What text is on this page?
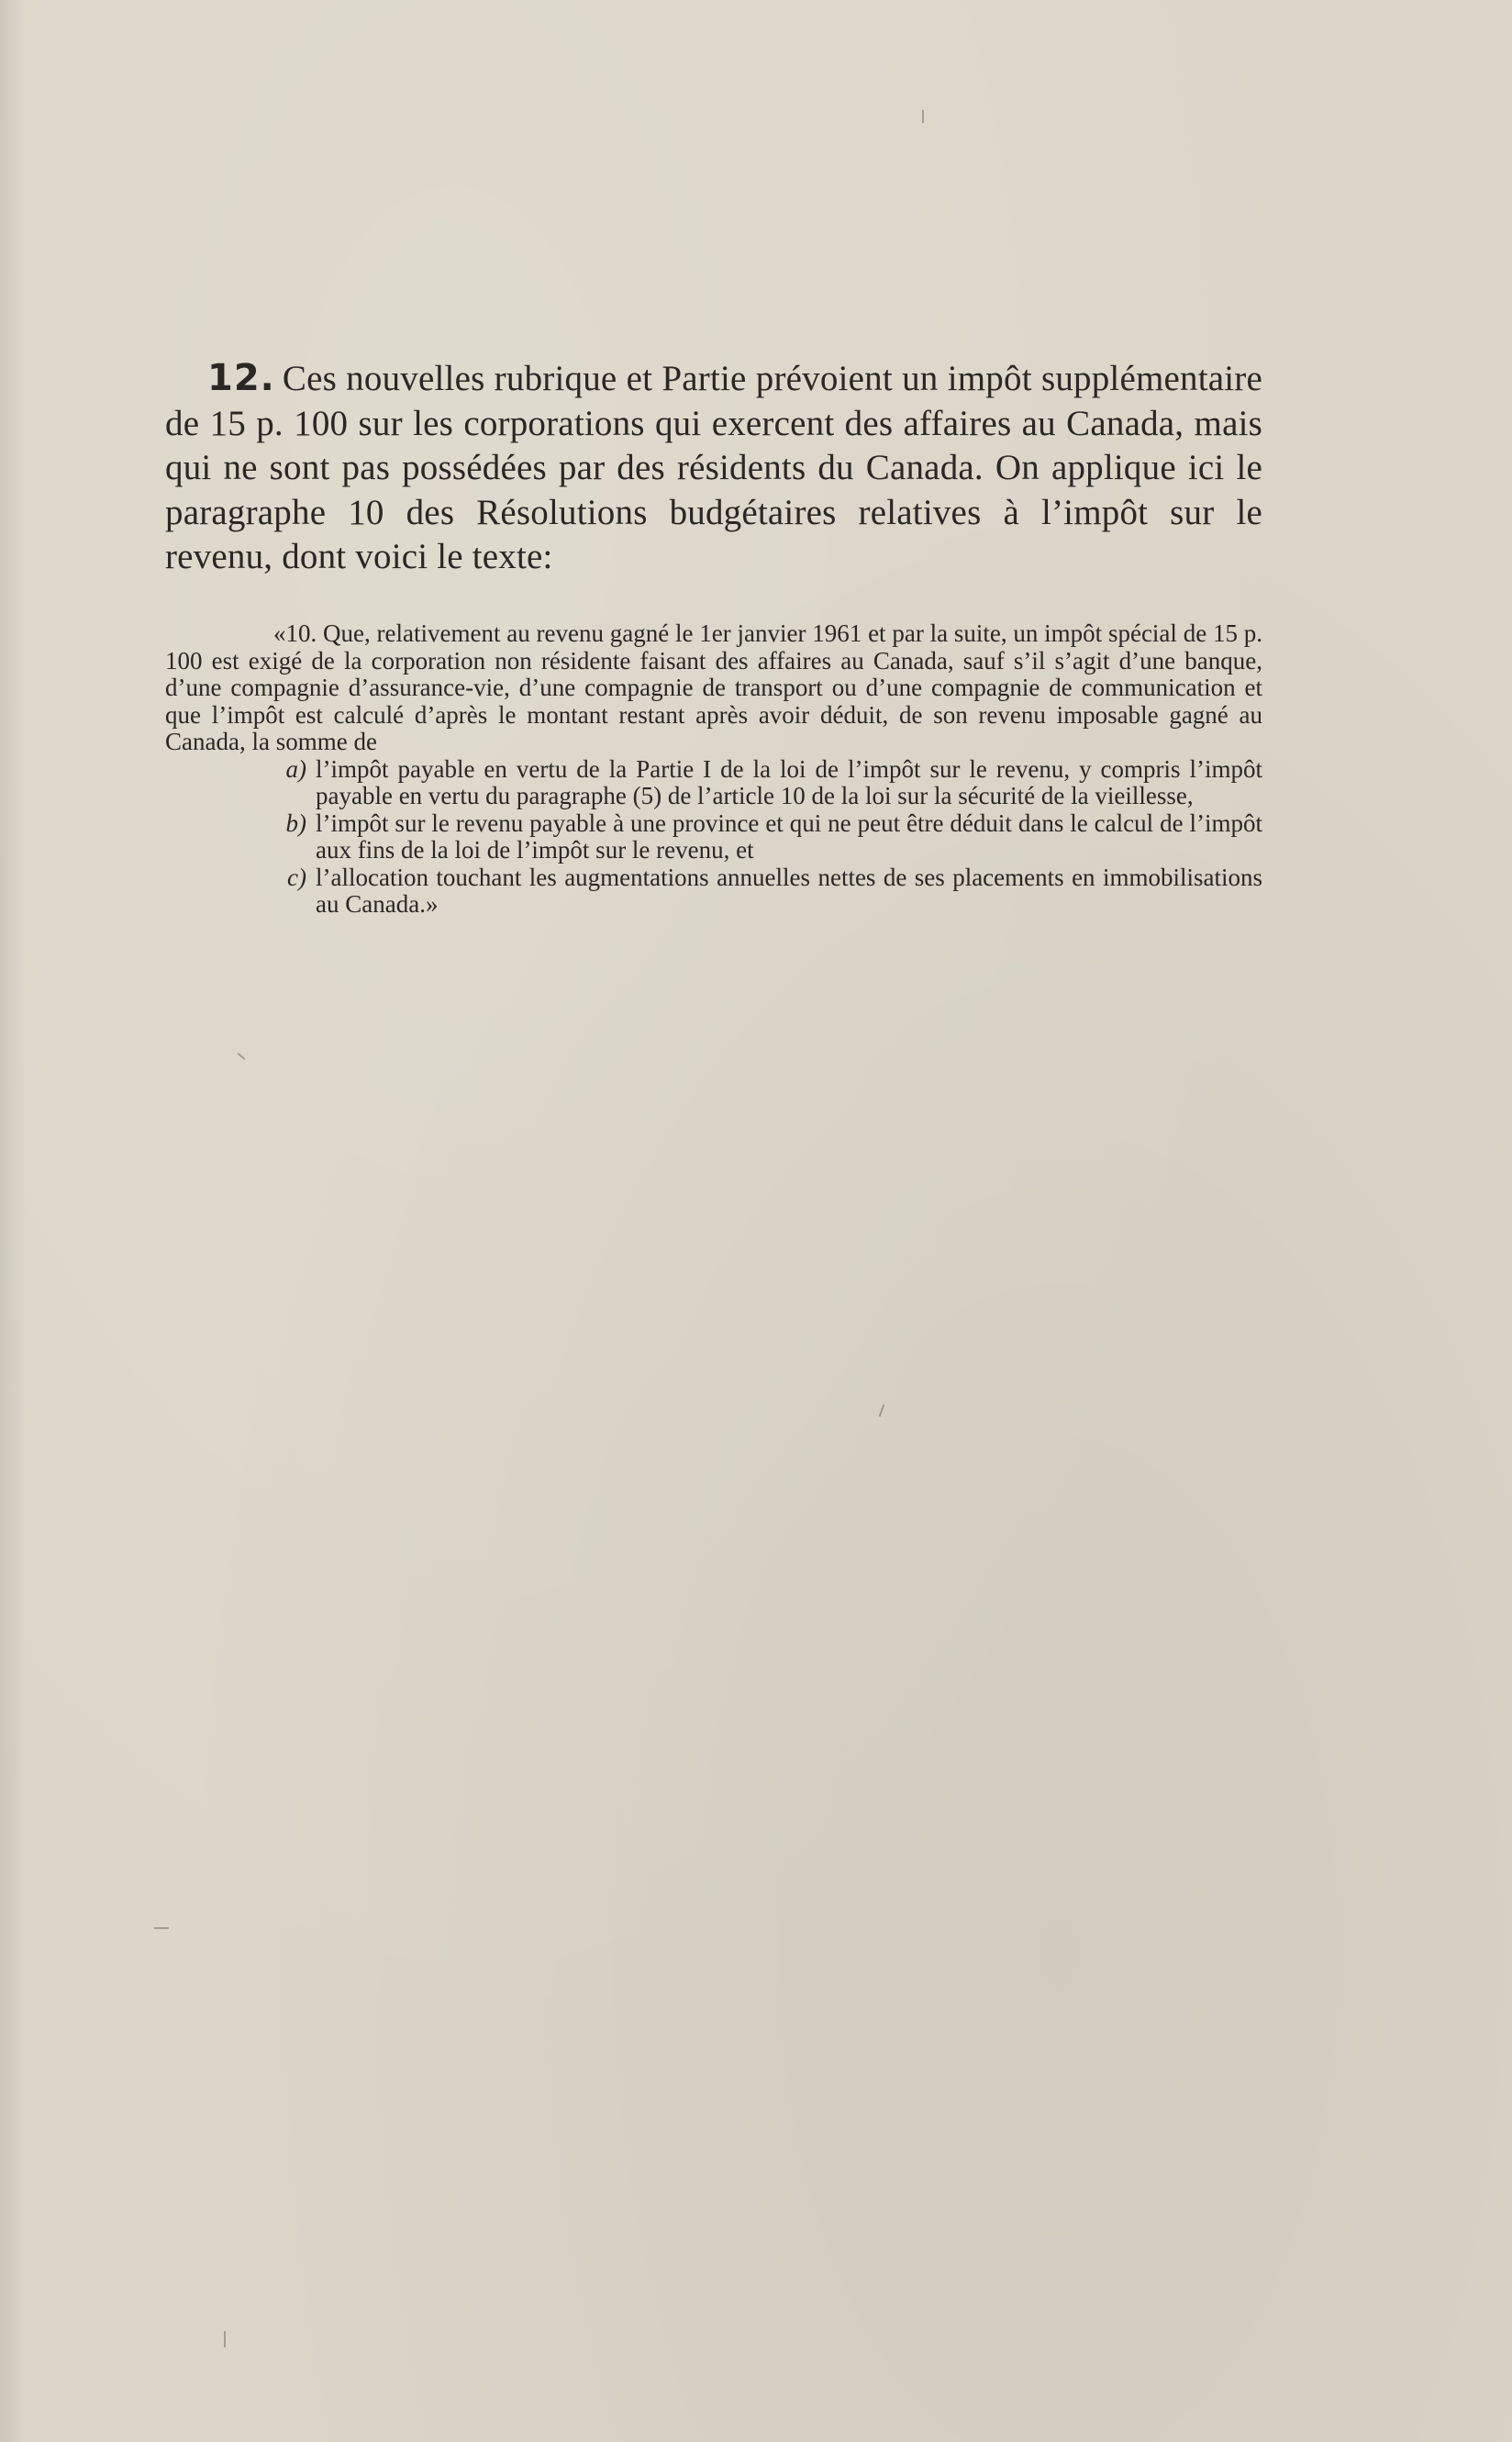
12. Ces nouvelles rubrique et Partie prévoient un impôt supplémentaire de 15 p. 100 sur les corporations qui exercent des affaires au Canada, mais qui ne sont pas possédées par des résidents du Canada. On applique ici le paragraphe 10 des Résolutions budgétaires relatives à l’impôt sur le revenu, dont voici le texte:

«10. Que, relativement au revenu gagné le 1er janvier 1961 et par la suite, un impôt spécial de 15 p. 100 est exigé de la corporation non résidente faisant des affaires au Canada, sauf s’il s’agit d’une banque, d’une compagnie d’assurance-vie, d’une compagnie de transport ou d’une compagnie de communication et que l’impôt est calculé d’après le montant restant après avoir déduit, de son revenu imposable gagné au Canada, la somme de

a) l’impôt payable en vertu de la Partie I de la loi de l’impôt sur le revenu, y compris l’impôt payable en vertu du paragraphe (5) de l’article 10 de la loi sur la sécurité de la vieillesse,
b) l’impôt sur le revenu payable à une province et qui ne peut être déduit dans le calcul de l’impôt aux fins de la loi de l’impôt sur le revenu, et
c) l’allocation touchant les augmentations annuelles nettes de ses placements en immobilisations au Canada.»
